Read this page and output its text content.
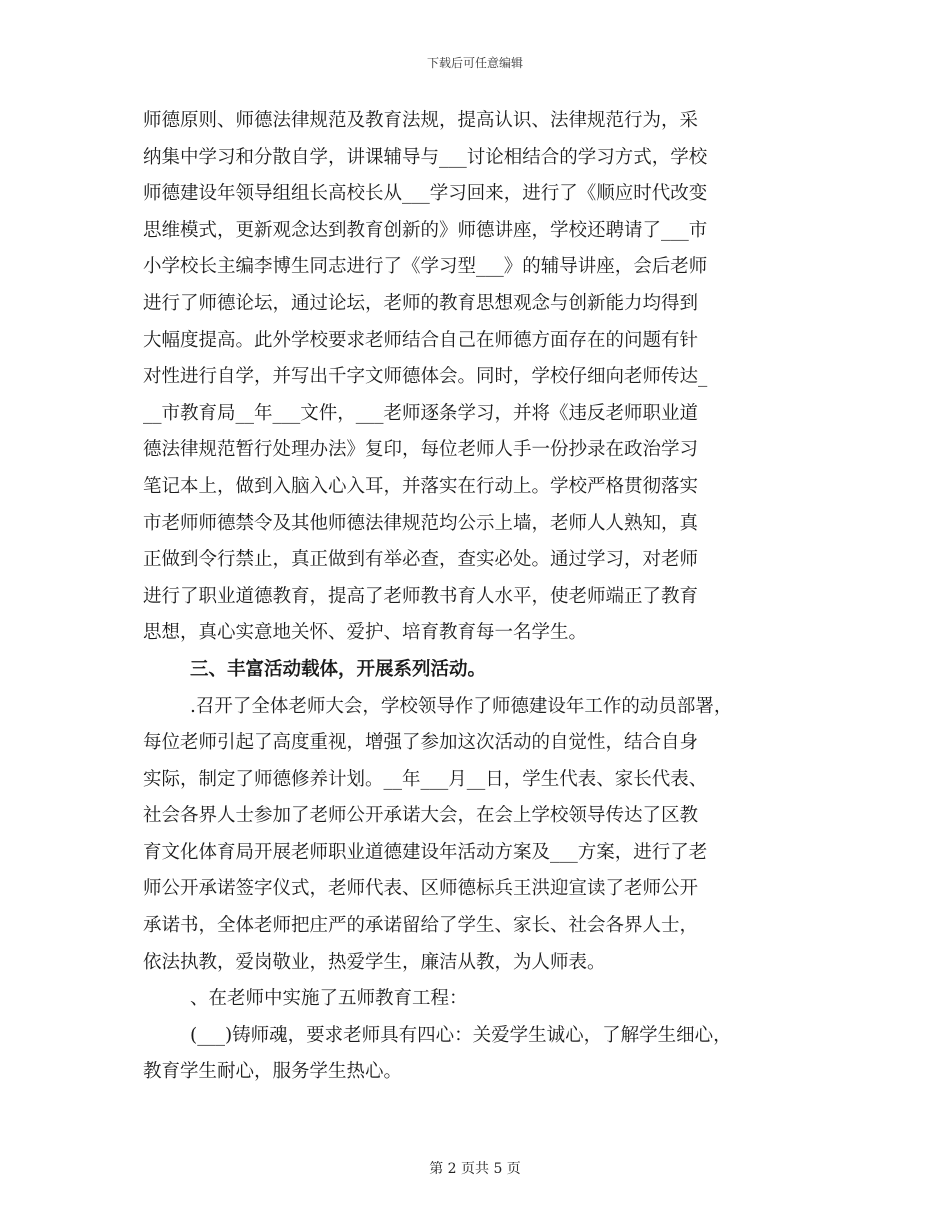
下载后可任意编辑
师德原则、师德法律规范及教育法规，提高认识、法律规范行为，采
纳集中学习和分散自学，讲课辅导与___讨论相结合的学习方式，学校
师德建设年领导组组长高校长从___学习回来，进行了《顺应时代改变
思维模式，更新观念达到教育创新的》师德讲座，学校还聘请了___市
小学校长主编李博生同志进行了《学习型___》的辅导讲座，会后老师
进行了师德论坛，通过论坛，老师的教育思想观念与创新能力均得到
大幅度提高。此外学校要求老师结合自己在师德方面存在的问题有针
对性进行自学，并写出千字文师德体会。同时，学校仔细向老师传达_
__市教育局__年___文件，___老师逐条学习，并将《违反老师职业道
德法律规范暂行处理办法》复印，每位老师人手一份抄录在政治学习
笔记本上，做到入脑入心入耳，并落实在行动上。学校严格贯彻落实
市老师师德禁令及其他师德法律规范均公示上墙，老师人人熟知，真
正做到令行禁止，真正做到有举必查，查实必处。通过学习，对老师
进行了职业道德教育，提高了老师教书育人水平，使老师端正了教育
思想，真心实意地关怀、爱护、培育教育每一名学生。
三、丰富活动载体，开展系列活动。
.召开了全体老师大会，学校领导作了师德建设年工作的动员部署，
每位老师引起了高度重视，增强了参加这次活动的自觉性，结合自身
实际，制定了师德修养计划。__年___月__日，学生代表、家长代表、
社会各界人士参加了老师公开承诺大会，在会上学校领导传达了区教
育文化体育局开展老师职业道德建设年活动方案及___方案，进行了老
师公开承诺签字仪式，老师代表、区师德标兵王洪迎宣读了老师公开
承诺书，全体老师把庄严的承诺留给了学生、家长、社会各界人士，
依法执教，爱岗敬业，热爱学生，廉洁从教，为人师表。
、在老师中实施了五师教育工程：
(___)铸师魂，要求老师具有四心：关爱学生诚心，了解学生细心，
教育学生耐心，服务学生热心。
第 2 页共 5 页
